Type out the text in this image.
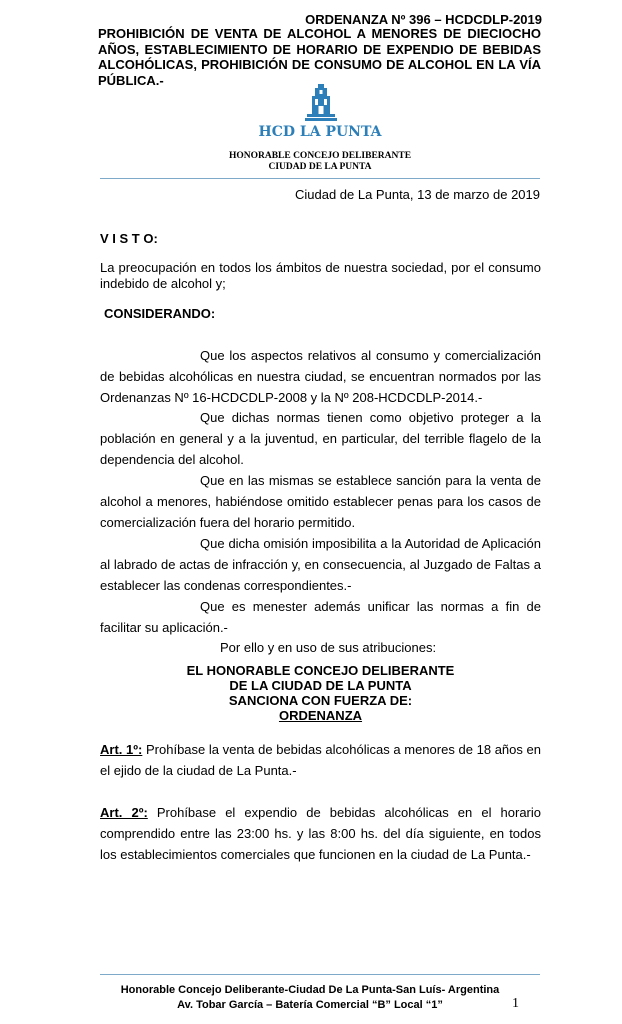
ORDENANZA Nº 396 – HCDCDLP-2019
PROHIBICIÓN DE VENTA DE ALCOHOL A MENORES DE DIECIOCHO AÑOS, ESTABLECIMIENTO DE HORARIO DE EXPENDIO DE BEBIDAS ALCOHÓLICAS, PROHIBICIÓN DE CONSUMO DE ALCOHOL EN LA VÍA PÚBLICA.-
HCD LA PUNTA
HONORABLE CONCEJO DELIBERANTE
CIUDAD DE LA PUNTA
Ciudad de La Punta, 13 de marzo de 2019
V I S T O:
La preocupación en todos los ámbitos de nuestra sociedad, por el consumo indebido de alcohol y;
CONSIDERANDO:
Que los aspectos relativos al consumo y comercialización de bebidas alcohólicas en nuestra ciudad, se encuentran normados por las Ordenanzas Nº 16-HCDCDLP-2008 y la Nº 208-HCDCDLP-2014.-
Que dichas normas tienen como objetivo proteger a la población en general y a la juventud, en particular, del terrible flagelo de la dependencia del alcohol.
Que en las mismas se establece sanción para la venta de alcohol a menores, habiéndose omitido establecer penas para los casos de comercialización fuera del horario permitido.
Que dicha omisión imposibilita a la Autoridad de Aplicación al labrado de actas de infracción y, en consecuencia, al Juzgado de Faltas a establecer las condenas correspondientes.-
Que es menester además unificar las normas a fin de facilitar su aplicación.-
Por ello y en uso de sus atribuciones:
EL HONORABLE CONCEJO DELIBERANTE
DE LA CIUDAD DE LA PUNTA
SANCIONA CON FUERZA DE:
ORDENANZA
Art. 1º: Prohíbase la venta de bebidas alcohólicas a menores de 18 años en el ejido de la ciudad de La Punta.-
Art. 2º: Prohíbase el expendio de bebidas alcohólicas en el horario comprendido entre las 23:00 hs. y las 8:00 hs. del día siguiente, en todos los establecimientos comerciales que funcionen en la ciudad de La Punta.-
Honorable Concejo Deliberante-Ciudad De La Punta-San Luís- Argentina
Av. Tobar García – Batería Comercial “B” Local “1”	1
